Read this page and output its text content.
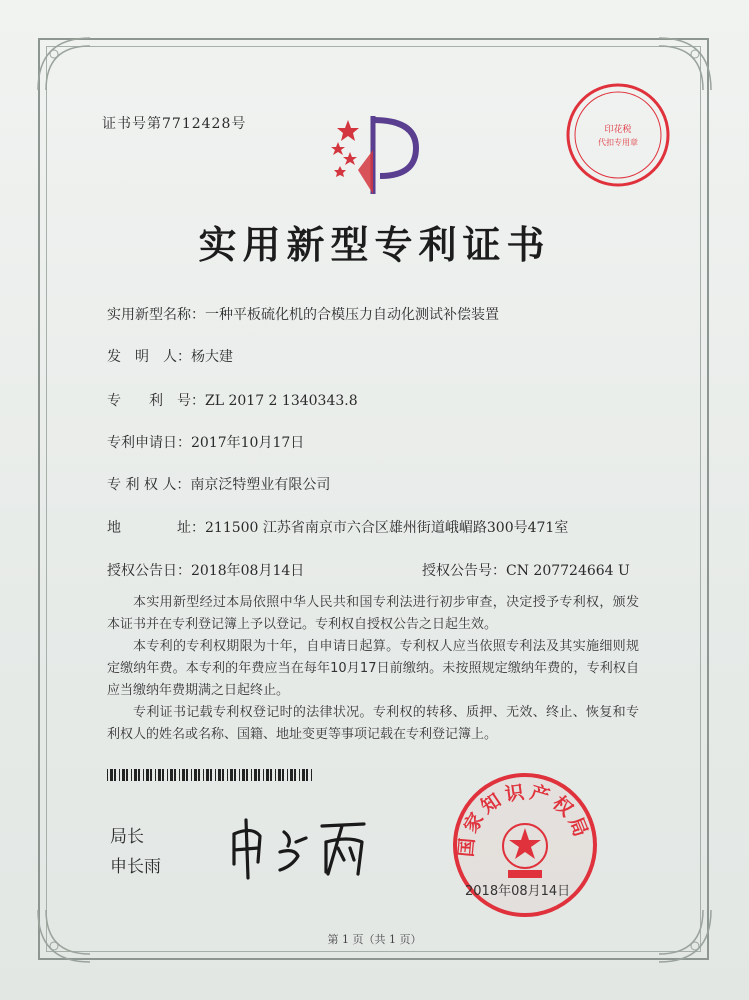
证书号第7712428号
实用新型专利证书
实用新型名称：一种平板硫化机的合模压力自动化测试补偿装置
发　明　人：杨大建
专　　利　号：ZL 2017 2 1340343.8
专利申请日：2017年10月17日
专 利 权 人：南京泛特塑业有限公司
地　　　　址：211500 江苏省南京市六合区雄州街道峨嵋路300号471室
授权公告日：2018年08月14日	授权公告号：CN 207724664 U
本实用新型经过本局依照中华人民共和国专利法进行初步审查，决定授予专利权，颁发本证书并在专利登记簿上予以登记。专利权自授权公告之日起生效。
本专利的专利权期限为十年，自申请日起算。专利权人应当依照专利法及其实施细则规定缴纳年费。本专利的年费应当在每年10月17日前缴纳。未按照规定缴纳年费的，专利权自应当缴纳年费期满之日起终止。
专利证书记载专利权登记时的法律状况。专利权的转移、质押、无效、终止、恢复和专利权人的姓名或名称、国籍、地址变更等事项记载在专利登记簿上。
局长
申长雨
印花税
代扣专用章
国家知识产权局
2018年08月14日
第 1 页（共 1 页）
